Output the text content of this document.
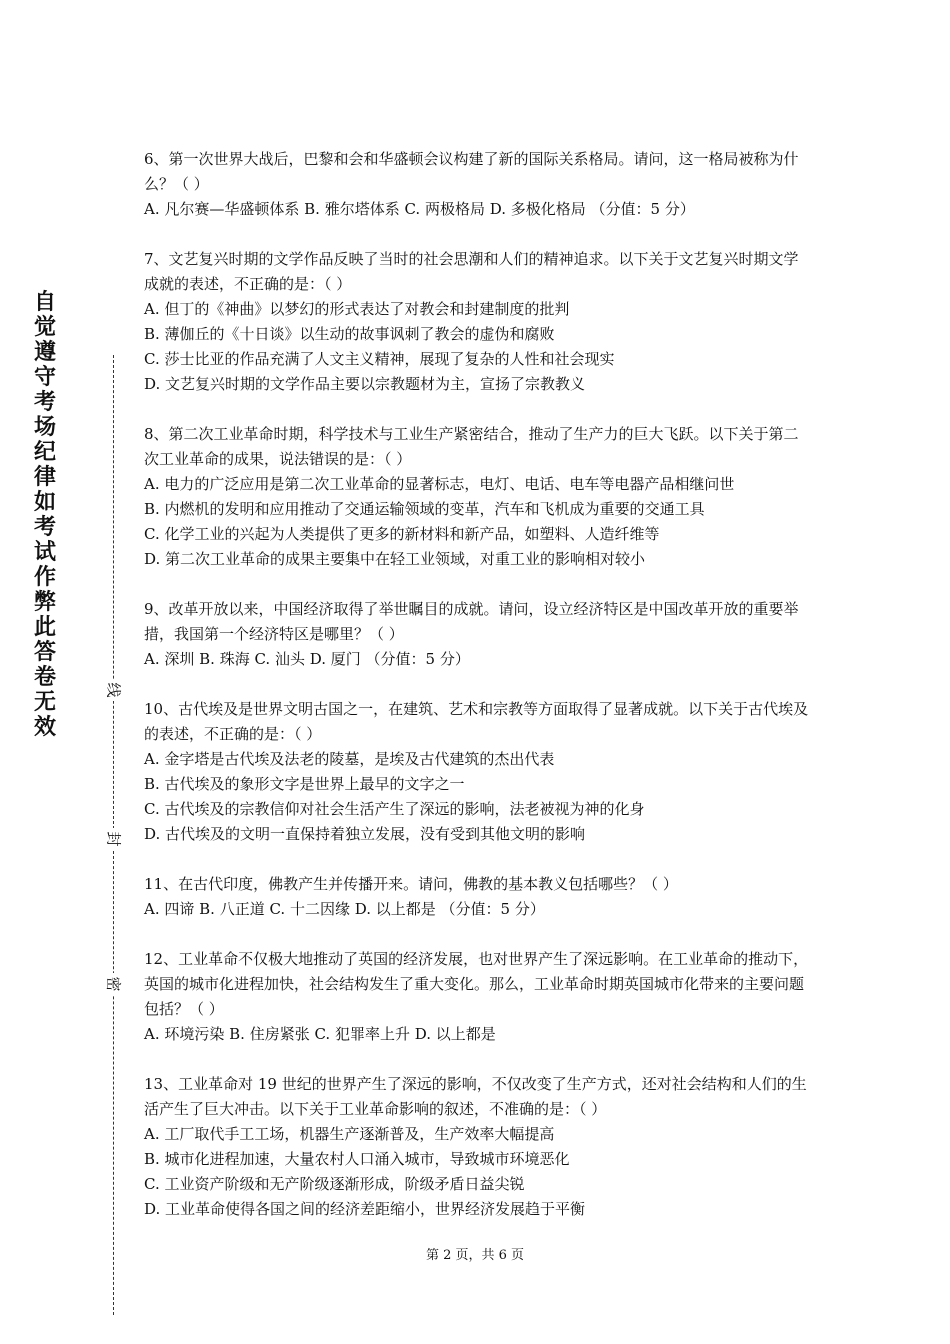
自觉遵守考场纪律如考试作弊此答卷无效
线
封
密

6、第一次世界大战后，巴黎和会和华盛顿会议构建了新的国际关系格局。请问，这一格局被称为什么？（ ）

A. 凡尔赛—华盛顿体系 B. 雅尔塔体系 C. 两极格局 D. 多极化格局 （分值：5 分）

7、文艺复兴时期的文学作品反映了当时的社会思潮和人们的精神追求。以下关于文艺复兴时期文学成就的表述，不正确的是：（ ）

A. 但丁的《神曲》以梦幻的形式表达了对教会和封建制度的批判

B. 薄伽丘的《十日谈》以生动的故事讽刺了教会的虚伪和腐败

C. 莎士比亚的作品充满了人文主义精神，展现了复杂的人性和社会现实

D. 文艺复兴时期的文学作品主要以宗教题材为主，宣扬了宗教教义

8、第二次工业革命时期，科学技术与工业生产紧密结合，推动了生产力的巨大飞跃。以下关于第二次工业革命的成果，说法错误的是：（ ）

A. 电力的广泛应用是第二次工业革命的显著标志，电灯、电话、电车等电器产品相继问世

B. 内燃机的发明和应用推动了交通运输领域的变革，汽车和飞机成为重要的交通工具

C. 化学工业的兴起为人类提供了更多的新材料和新产品，如塑料、人造纤维等

D. 第二次工业革命的成果主要集中在轻工业领域，对重工业的影响相对较小

9、改革开放以来，中国经济取得了举世瞩目的成就。请问，设立经济特区是中国改革开放的重要举措，我国第一个经济特区是哪里？（ ）

A. 深圳 B. 珠海 C. 汕头 D. 厦门 （分值：5 分）

10、古代埃及是世界文明古国之一，在建筑、艺术和宗教等方面取得了显著成就。以下关于古代埃及的表述，不正确的是：（ ）

A. 金字塔是古代埃及法老的陵墓，是埃及古代建筑的杰出代表

B. 古代埃及的象形文字是世界上最早的文字之一

C. 古代埃及的宗教信仰对社会生活产生了深远的影响，法老被视为神的化身

D. 古代埃及的文明一直保持着独立发展，没有受到其他文明的影响

11、在古代印度，佛教产生并传播开来。请问，佛教的基本教义包括哪些？（ ）

A. 四谛 B. 八正道 C. 十二因缘 D. 以上都是 （分值：5 分）

12、工业革命不仅极大地推动了英国的经济发展，也对世界产生了深远影响。在工业革命的推动下，英国的城市化进程加快，社会结构发生了重大变化。那么，工业革命时期英国城市化带来的主要问题包括？（ ）

A. 环境污染 B. 住房紧张 C. 犯罪率上升 D. 以上都是

13、工业革命对 19 世纪的世界产生了深远的影响，不仅改变了生产方式，还对社会结构和人们的生活产生了巨大冲击。以下关于工业革命影响的叙述，不准确的是：（ ）

A. 工厂取代手工工场，机器生产逐渐普及，生产效率大幅提高

B. 城市化进程加速，大量农村人口涌入城市，导致城市环境恶化

C. 工业资产阶级和无产阶级逐渐形成，阶级矛盾日益尖锐

D. 工业革命使得各国之间的经济差距缩小，世界经济发展趋于平衡

第 2 页，共 6 页
